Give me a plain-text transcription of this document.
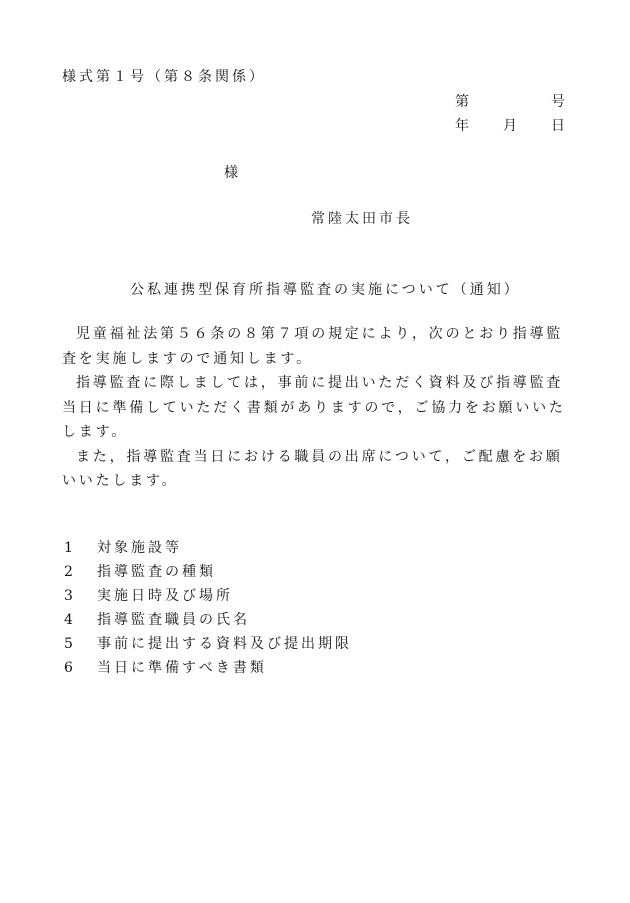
様式第１号（第８条関係）
第	号
年 月 日
様
常陸太田市長
公私連携型保育所指導監査の実施について（通知）

児童福祉法第５６条の８第７項の規定により，次のとおり指導監査を実施しますので通知します。

指導監査に際しましては，事前に提出いただく資料及び指導監査当日に準備していただく書類がありますので，ご協力をお願いいたします。

また，指導監査当日における職員の出席について，ご配慮をお願いいたします。

1 対象施設等
2 指導監査の種類
3 実施日時及び場所
4 指導監査職員の氏名
5 事前に提出する資料及び提出期限
6 当日に準備すべき書類
